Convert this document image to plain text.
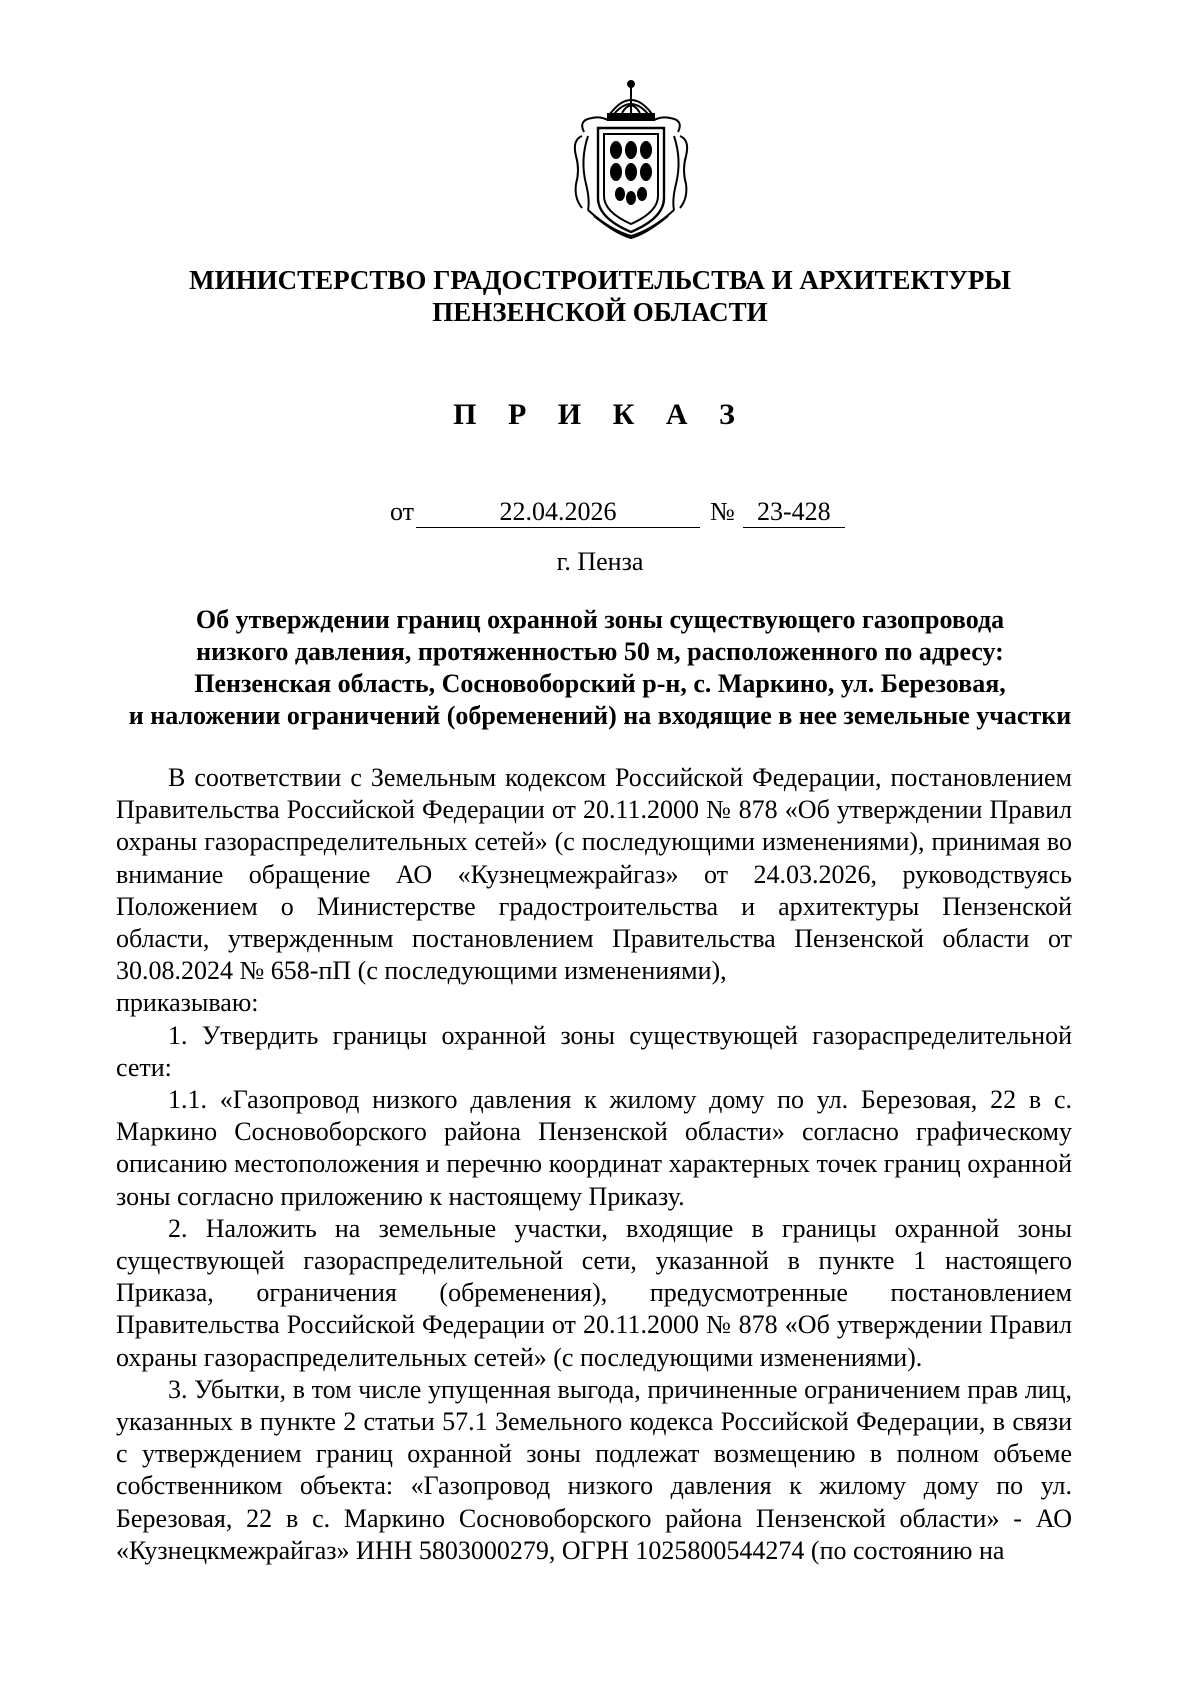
МИНИСТЕРСТВО ГРАДОСТРОИТЕЛЬСТВА И АРХИТЕКТУРЫ
ПЕНЗЕНСКОЙ ОБЛАСТИ
П Р И К А З
от	22.04.2026	№ 23-428
г. Пенза
Об утверждении границ охранной зоны существующего газопровода
низкого давления, протяженностью 50 м, расположенного по адресу:
Пензенская область, Сосновоборский р-н, с. Маркино, ул. Березовая,
и наложении ограничений (обременений) на входящие в нее земельные участки

В соответствии с Земельным кодексом Российской Федерации, постановлением Правительства Российской Федерации от 20.11.2000 № 878 «Об утверждении Правил охраны газораспределительных сетей» (с последующими изменениями), принимая во внимание обращение АО «Кузнецмежрайгаз» от 24.03.2026, руководствуясь Положением о Министерстве градостроительства и архитектуры Пензенской области, утвержденным постановлением Правительства Пензенской области от 30.08.2024 № 658-пП (с последующими изменениями),

приказываю:

1. Утвердить границы охранной зоны существующей газораспределительной сети:

1.1. «Газопровод низкого давления к жилому дому по ул. Березовая, 22 в с. Маркино Сосновоборского района Пензенской области» согласно графическому описанию местоположения и перечню координат характерных точек границ охранной зоны согласно приложению к настоящему Приказу.

2. Наложить на земельные участки, входящие в границы охранной зоны существующей газораспределительной сети, указанной в пункте 1 настоящего Приказа, ограничения (обременения), предусмотренные постановлением Правительства Российской Федерации от 20.11.2000 № 878 «Об утверждении Правил охраны газораспределительных сетей» (с последующими изменениями).

3. Убытки, в том числе упущенная выгода, причиненные ограничением прав лиц, указанных в пункте 2 статьи 57.1 Земельного кодекса Российской Федерации, в связи с утверждением границ охранной зоны подлежат возмещению в полном объеме собственником объекта: «Газопровод низкого давления к жилому дому по ул. Березовая, 22 в с. Маркино Сосновоборского района Пензенской области» - АО «Кузнецкмежрайгаз» ИНН 5803000279, ОГРН 1025800544274 (по состоянию на
